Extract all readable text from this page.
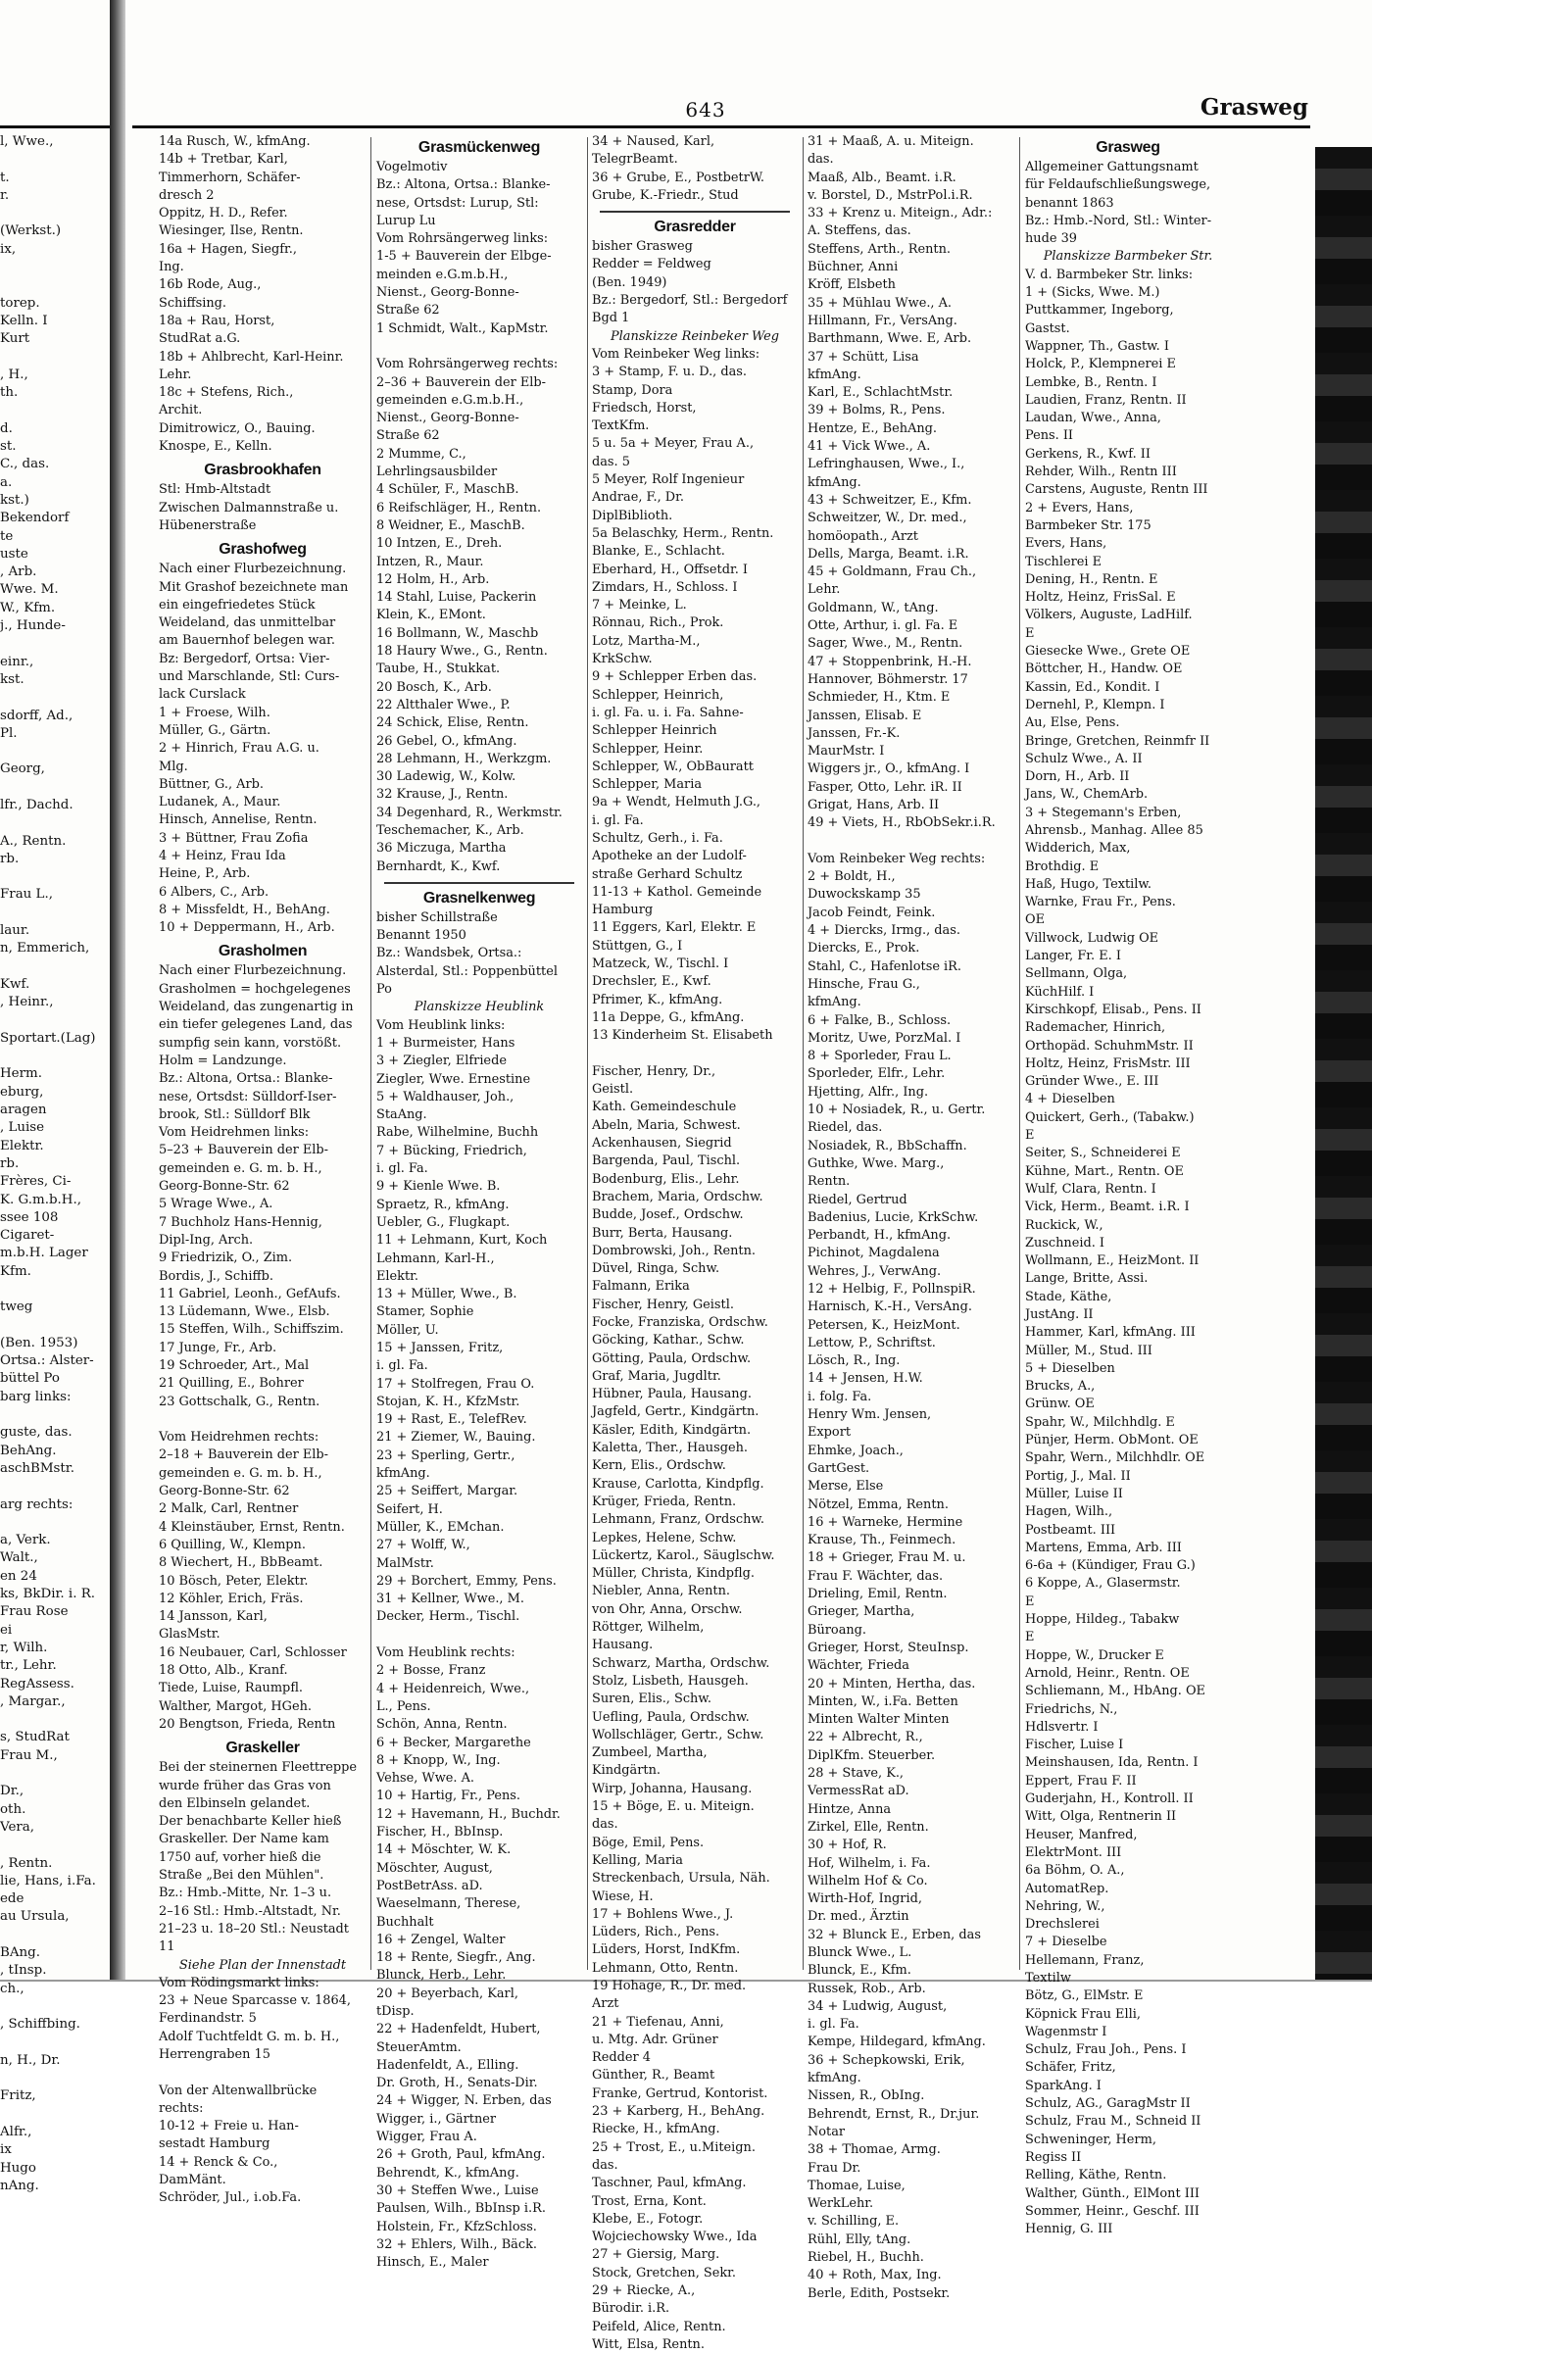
643	Grasweg
l, Wwe.,

t.
r.

(Werkst.)
ix,

torep.
Kelln. I
Kurt

, H.,
th.

d.
st.
C., das.
a.
kst.)
Bekendorf
te
uste
, Arb.
Wwe. M.
W., Kfm.
j., Hunde-

einr.,
kst.

sdorff, Ad.,
Pl.

Georg,

lfr., Dachd.

A., Rentn.
rb.

Frau L.,

laur.
n, Emmerich,

Kwf.
, Heinr.,

Sportart.(Lag)

Herm.
eburg,
aragen
, Luise
Elektr.
rb.
Frères, Ci-
K. G.m.b.H.,
ssee 108
Cigaret-
m.b.H. Lager
Kfm.

tweg

(Ben. 1953)
Ortsa.: Alster-
büttel Po
barg links:

guste, das.
BehAng.
aschBMstr.

arg rechts:

a, Verk.
Walt.,
en 24
ks, BkDir. i. R.
Frau Rose
ei
r, Wilh.
tr., Lehr.
RegAssess.
, Margar.,

s, StudRat
Frau M.,

Dr.,
oth.
Vera,

, Rentn.
lie, Hans, i.Fa.
ede
au Ursula,

BAng.
, tInsp.
ch.,

, Schiffbing.

n, H., Dr.

Fritz,

Alfr.,
ix
Hugo
nAng.
14a Rusch, W., kfmAng.
14b + Tretbar, Karl,
Timmerhorn, Schäfer-
dresch 2
Oppitz, H. D., Refer.
Wiesinger, Ilse, Rentn.
16a + Hagen, Siegfr.,
Ing.
16b Rode, Aug.,
Schiffsing.
18a + Rau, Horst,
StudRat a.G.
18b + Ahlbrecht, Karl-Heinr.
Lehr.
18c + Stefens, Rich.,
Archit.
Dimitrowicz, O., Bauing.
Knospe, E., Kelln.
Grasbrookhafen
Stl: Hmb-Altstadt
Zwischen Dalmannstraße u.
Hübenerstraße
Grashofweg
Nach einer Flurbezeichnung.
Mit Grashof bezeichnete man
ein eingefriedetes Stück
Weideland, das unmittelbar
am Bauernhof belegen war.
Bz: Bergedorf, Ortsa: Vier-
und Marschlande, Stl: Curs-
lack Curslack
1 + Froese, Wilh.
Müller, G., Gärtn.
2 + Hinrich, Frau A.G. u.
Mlg.
Büttner, G., Arb.
Ludanek, A., Maur.
Hinsch, Annelise, Rentn.
3 + Büttner, Frau Zofia
4 + Heinz, Frau Ida
Heine, P., Arb.
6 Albers, C., Arb.
8 + Missfeldt, H., BehAng.
10 + Deppermann, H., Arb.
Grasholmen
Nach einer Flurbezeichnung.
Grasholmen = hochgelegenes
Weideland, das zungenartig in
ein tiefer gelegenes Land, das
sumpfig sein kann, vorstößt.
Holm = Landzunge.
Bz.: Altona, Ortsa.: Blanke-
nese, Ortsdst: Sülldorf-Iser-
brook, Stl.: Sülldorf Blk
Vom Heidrehmen links:
5–23 + Bauverein der Elb-
gemeinden e. G. m. b. H.,
Georg-Bonne-Str. 62
5 Wrage Wwe., A.
7 Buchholz Hans-Hennig,
Dipl-Ing, Arch.
9 Friedrizik, O., Zim.
Bordis, J., Schiffb.
11 Gabriel, Leonh., GefAufs.
13 Lüdemann, Wwe., Elsb.
15 Steffen, Wilh., Schiffszim.
17 Junge, Fr., Arb.
19 Schroeder, Art., Mal
21 Quilling, E., Bohrer
23 Gottschalk, G., Rentn.

Vom Heidrehmen rechts:
2–18 + Bauverein der Elb-
gemeinden e. G. m. b. H.,
Georg-Bonne-Str. 62
2 Malk, Carl, Rentner
4 Kleinstäuber, Ernst, Rentn.
6 Quilling, W., Klempn.
8 Wiechert, H., BbBeamt.
10 Bösch, Peter, Elektr.
12 Köhler, Erich, Fräs.
14 Jansson, Karl,
GlasMstr.
16 Neubauer, Carl, Schlosser
18 Otto, Alb., Kranf.
Tiede, Luise, Raumpfl.
Walther, Margot, HGeh.
20 Bengtson, Frieda, Rentn
Graskeller
Bei der steinernen Fleettreppe
wurde früher das Gras von
den Elbinseln gelandet.
Der benachbarte Keller hieß
Graskeller. Der Name kam
1750 auf, vorher hieß die
Straße „Bei den Mühlen".
Bz.: Hmb.-Mitte, Nr. 1–3 u.
2–16 Stl.: Hmb.-Altstadt, Nr.
21–23 u. 18–20 Stl.: Neustadt
11
Siehe Plan der Innenstadt
Vom Rödingsmarkt links:
23 + Neue Sparcasse v. 1864,
Ferdinandstr. 5
Adolf Tuchtfeldt G. m. b. H.,
Herrengraben 15

Von der Altenwallbrücke
rechts:
10-12 + Freie u. Han-
sestadt Hamburg
14 + Renck & Co.,
DamMänt.
Schröder, Jul., i.ob.Fa.
Grasmückenweg
Vogelmotiv
Bz.: Altona, Ortsa.: Blanke-
nese, Ortsdst: Lurup, Stl:
Lurup Lu
Vom Rohrsängerweg links:
1-5 + Bauverein der Elbge-
meinden e.G.m.b.H.,
Nienst., Georg-Bonne-
Straße 62
1 Schmidt, Walt., KapMstr.

Vom Rohrsängerweg rechts:
2–36 + Bauverein der Elb-
gemeinden e.G.m.b.H.,
Nienst., Georg-Bonne-
Straße 62
2 Mumme, C.,
Lehrlingsausbilder
4 Schüler, F., MaschB.
6 Reifschläger, H., Rentn.
8 Weidner, E., MaschB.
10 Intzen, E., Dreh.
Intzen, R., Maur.
12 Holm, H., Arb.
14 Stahl, Luise, Packerin
Klein, K., EMont.
16 Bollmann, W., Maschb
18 Haury Wwe., G., Rentn.
Taube, H., Stukkat.
20 Bosch, K., Arb.
22 Altthaler Wwe., P.
24 Schick, Elise, Rentn.
26 Gebel, O., kfmAng.
28 Lehmann, H., Werkzgm.
30 Ladewig, W., Kolw.
32 Krause, J., Rentn.
34 Degenhard, R., Werkmstr.
Teschemacher, K., Arb.
36 Miczuga, Martha
Bernhardt, K., Kwf.
Grasnelkenweg
bisher Schillstraße
Benannt 1950
Bz.: Wandsbek, Ortsa.:
Alsterdal, Stl.: Poppenbüttel
Po
Planskizze Heublink
Vom Heublink links:
1 + Burmeister, Hans
3 + Ziegler, Elfriede
Ziegler, Wwe. Ernestine
5 + Waldhauser, Joh.,
StaAng.
Rabe, Wilhelmine, Buchh
7 + Bücking, Friedrich,
i. gl. Fa.
9 + Kienle Wwe. B.
Spraetz, R., kfmAng.
Uebler, G., Flugkapt.
11 + Lehmann, Kurt, Koch
Lehmann, Karl-H.,
Elektr.
13 + Müller, Wwe., B.
Stamer, Sophie
Möller, U.
15 + Janssen, Fritz,
i. gl. Fa.
17 + Stolfregen, Frau O.
Stojan, K. H., KfzMstr.
19 + Rast, E., TelefRev.
21 + Ziemer, W., Bauing.
23 + Sperling, Gertr.,
kfmAng.
25 + Seiffert, Margar.
Seifert, H.
Müller, K., EMchan.
27 + Wolff, W.,
MalMstr.
29 + Borchert, Emmy, Pens.
31 + Kellner, Wwe., M.
Decker, Herm., Tischl.

Vom Heublink rechts:
2 + Bosse, Franz
4 + Heidenreich, Wwe.,
L., Pens.
Schön, Anna, Rentn.
6 + Becker, Margarethe
8 + Knopp, W., Ing.
Vehse, Wwe. A.
10 + Hartig, Fr., Pens.
12 + Havemann, H., Buchdr.
Fischer, H., BbInsp.
14 + Möschter, W. K.
Möschter, August,
PostBetrAss. aD.
Waeselmann, Therese,
Buchhalt
16 + Zengel, Walter
18 + Rente, Siegfr., Ang.
Blunck, Herb., Lehr.
20 + Beyerbach, Karl,
tDisp.
22 + Hadenfeldt, Hubert,
SteuerAmtm.
Hadenfeldt, A., Elling.
Dr. Groth, H., Senats-Dir.
24 + Wigger, N. Erben, das
Wigger, i., Gärtner
Wigger, Frau A.
26 + Groth, Paul, kfmAng.
Behrendt, K., kfmAng.
30 + Steffen Wwe., Luise
Paulsen, Wilh., BbInsp i.R.
Holstein, Fr., KfzSchloss.
32 + Ehlers, Wilh., Bäck.
Hinsch, E., Maler
34 + Naused, Karl,
TelegrBeamt.
36 + Grube, E., PostbetrW.
Grube, K.-Friedr., Stud
Grasredder
bisher Grasweg
Redder = Feldweg
(Ben. 1949)
Bz.: Bergedorf, Stl.: Bergedorf
Bgd 1
Planskizze Reinbeker Weg
Vom Reinbeker Weg links:
3 + Stamp, F. u. D., das.
Stamp, Dora
Friedsch, Horst,
TextKfm.
5 u. 5a + Meyer, Frau A.,
das. 5
5 Meyer, Rolf Ingenieur
Andrae, F., Dr.
DiplBiblioth.
5a Belaschky, Herm., Rentn.
Blanke, E., Schlacht.
Eberhard, H., Offsetdr. I
Zimdars, H., Schloss. I
7 + Meinke, L.
Rönnau, Rich., Prok.
Lotz, Martha-M.,
KrkSchw.
9 + Schlepper Erben das.
Schlepper, Heinrich,
i. gl. Fa. u. i. Fa. Sahne-
Schlepper Heinrich
Schlepper, Heinr.
Schlepper, W., ObBauratt
Schlepper, Maria
9a + Wendt, Helmuth J.G.,
i. gl. Fa.
Schultz, Gerh., i. Fa.
Apotheke an der Ludolf-
straße Gerhard Schultz
11-13 + Kathol. Gemeinde
Hamburg
11 Eggers, Karl, Elektr. E
Stüttgen, G., I
Matzeck, W., Tischl. I
Drechsler, E., Kwf.
Pfrimer, K., kfmAng.
11a Deppe, G., kfmAng.
13 Kinderheim St. Elisabeth

Fischer, Henry, Dr.,
Geistl.
Kath. Gemeindeschule
Abeln, Maria, Schwest.
Ackenhausen, Siegrid
Bargenda, Paul, Tischl.
Bodenburg, Elis., Lehr.
Brachem, Maria, Ordschw.
Budde, Josef., Ordschw.
Burr, Berta, Hausang.
Dombrowski, Joh., Rentn.
Düvel, Ringa, Schw.
Falmann, Erika
Fischer, Henry, Geistl.
Focke, Franziska, Ordschw.
Göcking, Kathar., Schw.
Götting, Paula, Ordschw.
Graf, Maria, Jugdltr.
Hübner, Paula, Hausang.
Jagfeld, Gertr., Kindgärtn.
Käsler, Edith, Kindgärtn.
Kaletta, Ther., Hausgeh.
Kern, Elis., Ordschw.
Krause, Carlotta, Kindpflg.
Krüger, Frieda, Rentn.
Lehmann, Franz, Ordschw.
Lepkes, Helene, Schw.
Lückertz, Karol., Säuglschw.
Müller, Christa, Kindpflg.
Niebler, Anna, Rentn.
von Ohr, Anna, Orschw.
Röttger, Wilhelm,
Hausang.
Schwarz, Martha, Ordschw.
Stolz, Lisbeth, Hausgeh.
Suren, Elis., Schw.
Uefling, Paula, Ordschw.
Wollschläger, Gertr., Schw.
Zumbeel, Martha,
Kindgärtn.
Wirp, Johanna, Hausang.
15 + Böge, E. u. Miteign.
das.
Böge, Emil, Pens.
Kelling, Maria
Streckenbach, Ursula, Näh.
Wiese, H.
17 + Bohlens Wwe., J.
Lüders, Rich., Pens.
Lüders, Horst, IndKfm.
Lehmann, Otto, Rentn.
19 Hohage, R., Dr. med.
Arzt
21 + Tiefenau, Anni,
u. Mtg. Adr. Grüner
Redder 4
Günther, R., Beamt
Franke, Gertrud, Kontorist.
23 + Karberg, H., BehAng.
Riecke, H., kfmAng.
25 + Trost, E., u.Miteign.
das.
Taschner, Paul, kfmAng.
Trost, Erna, Kont.
Klebe, E., Fotogr.
Wojciechowsky Wwe., Ida
27 + Giersig, Marg.
Stock, Gretchen, Sekr.
29 + Riecke, A.,
Bürodir. i.R.
Peifeld, Alice, Rentn.
Witt, Elsa, Rentn.
31 + Maaß, A. u. Miteign.
das.
Maaß, Alb., Beamt. i.R.
v. Borstel, D., MstrPol.i.R.
33 + Krenz u. Miteign., Adr.:
A. Steffens, das.
Steffens, Arth., Rentn.
Büchner, Anni
Kröff, Elsbeth
35 + Mühlau Wwe., A.
Hillmann, Fr., VersAng.
Barthmann, Wwe. E, Arb.
37 + Schütt, Lisa
kfmAng.
Karl, E., SchlachtMstr.
39 + Bolms, R., Pens.
Hentze, E., BehAng.
41 + Vick Wwe., A.
Lefringhausen, Wwe., I.,
kfmAng.
43 + Schweitzer, E., Kfm.
Schweitzer, W., Dr. med.,
homöopath., Arzt
Dells, Marga, Beamt. i.R.
45 + Goldmann, Frau Ch.,
Lehr.
Goldmann, W., tAng.
Otte, Arthur, i. gl. Fa. E
Sager, Wwe., M., Rentn.
47 + Stoppenbrink, H.-H.
Hannover, Böhmerstr. 17
Schmieder, H., Ktm. E
Janssen, Elisab. E
Janssen, Fr.-K.
MaurMstr. I
Wiggers jr., O., kfmAng. I
Fasper, Otto, Lehr. iR. II
Grigat, Hans, Arb. II
49 + Viets, H., RbObSekr.i.R.

Vom Reinbeker Weg rechts:
2 + Boldt, H.,
Duwockskamp 35
Jacob Feindt, Feink.
4 + Diercks, Irmg., das.
Diercks, E., Prok.
Stahl, C., Hafenlotse iR.
Hinsche, Frau G.,
kfmAng.
6 + Falke, B., Schloss.
Moritz, Uwe, PorzMal. I
8 + Sporleder, Frau L.
Sporleder, Elfr., Lehr.
Hjetting, Alfr., Ing.
10 + Nosiadek, R., u. Gertr.
Riedel, das.
Nosiadek, R., BbSchaffn.
Guthke, Wwe. Marg.,
Rentn.
Riedel, Gertrud
Badenius, Lucie, KrkSchw.
Perbandt, H., kfmAng.
Pichinot, Magdalena
Wehres, J., VerwAng.
12 + Helbig, F., PollnspiR.
Harnisch, K.-H., VersAng.
Petersen, K., HeizMont.
Lettow, P., Schriftst.
Lösch, R., Ing.
14 + Jensen, H.W.
i. folg. Fa.
Henry Wm. Jensen,
Export
Ehmke, Joach.,
GartGest.
Merse, Else
Nötzel, Emma, Rentn.
16 + Warneke, Hermine
Krause, Th., Feinmech.
18 + Grieger, Frau M. u.
Frau F. Wächter, das.
Drieling, Emil, Rentn.
Grieger, Martha,
Büroang.
Grieger, Horst, SteuInsp.
Wächter, Frieda
20 + Minten, Hertha, das.
Minten, W., i.Fa. Betten
Minten Walter Minten
22 + Albrecht, R.,
DiplKfm. Steuerber.
28 + Stave, K.,
VermessRat aD.
Hintze, Anna
Zirkel, Elle, Rentn.
30 + Hof, R.
Hof, Wilhelm, i. Fa.
Wilhelm Hof & Co.
Wirth-Hof, Ingrid,
Dr. med., Ärztin
32 + Blunck E., Erben, das
Blunck Wwe., L.
Blunck, E., Kfm.
Russek, Rob., Arb.
34 + Ludwig, August,
i. gl. Fa.
Kempe, Hildegard, kfmAng.
36 + Schepkowski, Erik,
kfmAng.
Nissen, R., ObIng.
Behrendt, Ernst, R., Dr.jur.
Notar
38 + Thomae, Armg.
Frau Dr.
Thomae, Luise,
WerkLehr.
v. Schilling, E.
Rühl, Elly, tAng.
Riebel, H., Buchh.
40 + Roth, Max, Ing.
Berle, Edith, Postsekr.
Grasweg
Allgemeiner Gattungsnamt
für Feldaufschließungswege,
benannt 1863
Bz.: Hmb.-Nord, Stl.: Winter-
hude 39
Planskizze Barmbeker Str.
V. d. Barmbeker Str. links:
1 + (Sicks, Wwe. M.)
Puttkammer, Ingeborg,
Gastst.
Wappner, Th., Gastw. I
Holck, P., Klempnerei E
Lembke, B., Rentn. I
Laudien, Franz, Rentn. II
Laudan, Wwe., Anna,
Pens. II
Gerkens, R., Kwf. II
Rehder, Wilh., Rentn III
Carstens, Auguste, Rentn III
2 + Evers, Hans,
Barmbeker Str. 175
Evers, Hans,
Tischlerei E
Dening, H., Rentn. E
Holtz, Heinz, FrisSal. E
Völkers, Auguste, LadHilf.
E
Giesecke Wwe., Grete OE
Böttcher, H., Handw. OE
Kassin, Ed., Kondit. I
Dernehl, P., Klempn. I
Au, Else, Pens.
Bringe, Gretchen, Reinmfr II
Schulz Wwe., A. II
Dorn, H., Arb. II
Jans, W., ChemArb.
3 + Stegemann's Erben,
Ahrensb., Manhag. Allee 85
Widderich, Max,
Brothdig. E
Haß, Hugo, Textilw.
Warnke, Frau Fr., Pens.
OE
Villwock, Ludwig OE
Langer, Fr. E. I
Sellmann, Olga,
KüchHilf. I
Kirschkopf, Elisab., Pens. II
Rademacher, Hinrich,
Orthopäd. SchuhmMstr. II
Holtz, Heinz, FrisMstr. III
Gründer Wwe., E. III
4 + Dieselben
Quickert, Gerh., (Tabakw.)
E
Seiter, S., Schneiderei E
Kühne, Mart., Rentn. OE
Wulf, Clara, Rentn. I
Vick, Herm., Beamt. i.R. I
Ruckick, W.,
Zuschneid. I
Wollmann, E., HeizMont. II
Lange, Britte, Assi.
Stade, Käthe,
JustAng. II
Hammer, Karl, kfmAng. III
Müller, M., Stud. III
5 + Dieselben
Brucks, A.,
Grünw. OE
Spahr, W., Milchhdlg. E
Pünjer, Herm. ObMont. OE
Spahr, Wern., Milchhdlr. OE
Portig, J., Mal. II
Müller, Luise II
Hagen, Wilh.,
Postbeamt. III
Martens, Emma, Arb. III
6-6a + (Kündiger, Frau G.)
6 Koppe, A., Glasermstr.
E
Hoppe, Hildeg., Tabakw
E
Hoppe, W., Drucker E
Arnold, Heinr., Rentn. OE
Schliemann, M., HbAng. OE
Friedrichs, N.,
Hdlsvertr. I
Fischer, Luise I
Meinshausen, Ida, Rentn. I
Eppert, Frau F. II
Guderjahn, H., Kontroll. II
Witt, Olga, Rentnerin II
Heuser, Manfred,
ElektrMont. III
6a Böhm, O. A.,
AutomatRep.
Nehring, W.,
Drechslerei
7 + Dieselbe
Hellemann, Franz,
Textilw
Bötz, G., ElMstr. E
Köpnick Frau Elli,
Wagenmstr I
Schulz, Frau Joh., Pens. I
Schäfer, Fritz,
SparkAng. I
Schulz, AG., GaragMstr II
Schulz, Frau M., Schneid II
Schweninger, Herm,
Regiss II
Relling, Käthe, Rentn.
Walther, Günth., ElMont III
Sommer, Heinr., Geschf. III
Hennig, G. III
